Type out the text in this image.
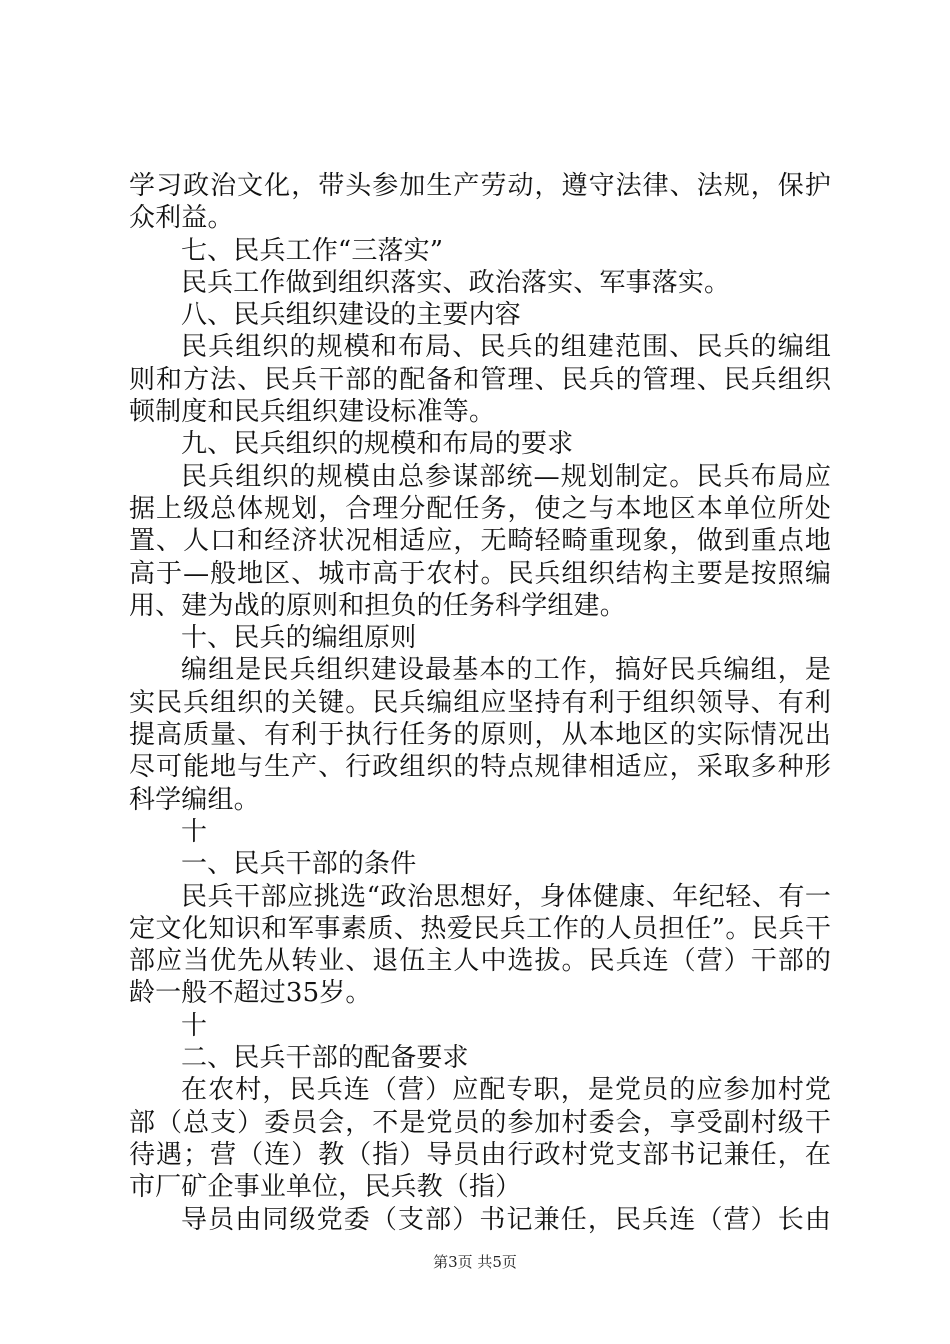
学习政治文化，带头参加生产劳动，遵守法律、法规，保护
众利益。
七、民兵工作“三落实”
民兵工作做到组织落实、政治落实、军事落实。
八、民兵组织建设的主要内容
民兵组织的规模和布局、民兵的组建范围、民兵的编组
则和方法、民兵干部的配备和管理、民兵的管理、民兵组织
顿制度和民兵组织建设标准等。
九、民兵组织的规模和布局的要求
民兵组织的规模由总参谋部统—规划制定。民兵布局应
据上级总体规划，合理分配任务，使之与本地区本单位所处
置、人口和经济状况相适应，无畸轻畸重现象，做到重点地
高于—般地区、城市高于农村。民兵组织结构主要是按照编
用、建为战的原则和担负的任务科学组建。
十、民兵的编组原则
编组是民兵组织建设最基本的工作，搞好民兵编组，是
实民兵组织的关键。民兵编组应坚持有利于组织领导、有利
提高质量、有利于执行任务的原则，从本地区的实际情况出
尽可能地与生产、行政组织的特点规律相适应，采取多种形
科学编组。
十
一、民兵干部的条件
民兵干部应挑选“政治思想好，身体健康、年纪轻、有一
定文化知识和军事素质、热爱民兵工作的人员担任”。民兵干
部应当优先从转业、退伍主人中选拔。民兵连（营）干部的
龄一般不超过35岁。
十
二、民兵干部的配备要求
在农村，民兵连（营）应配专职，是党员的应参加村党
部（总支）委员会，不是党员的参加村委会，享受副村级干
待遇；营（连）教（指）导员由行政村党支部书记兼任，在
市厂矿企事业单位，民兵教（指）
导员由同级党委（支部）书记兼任，民兵连（营）长由
第3页 共5页
